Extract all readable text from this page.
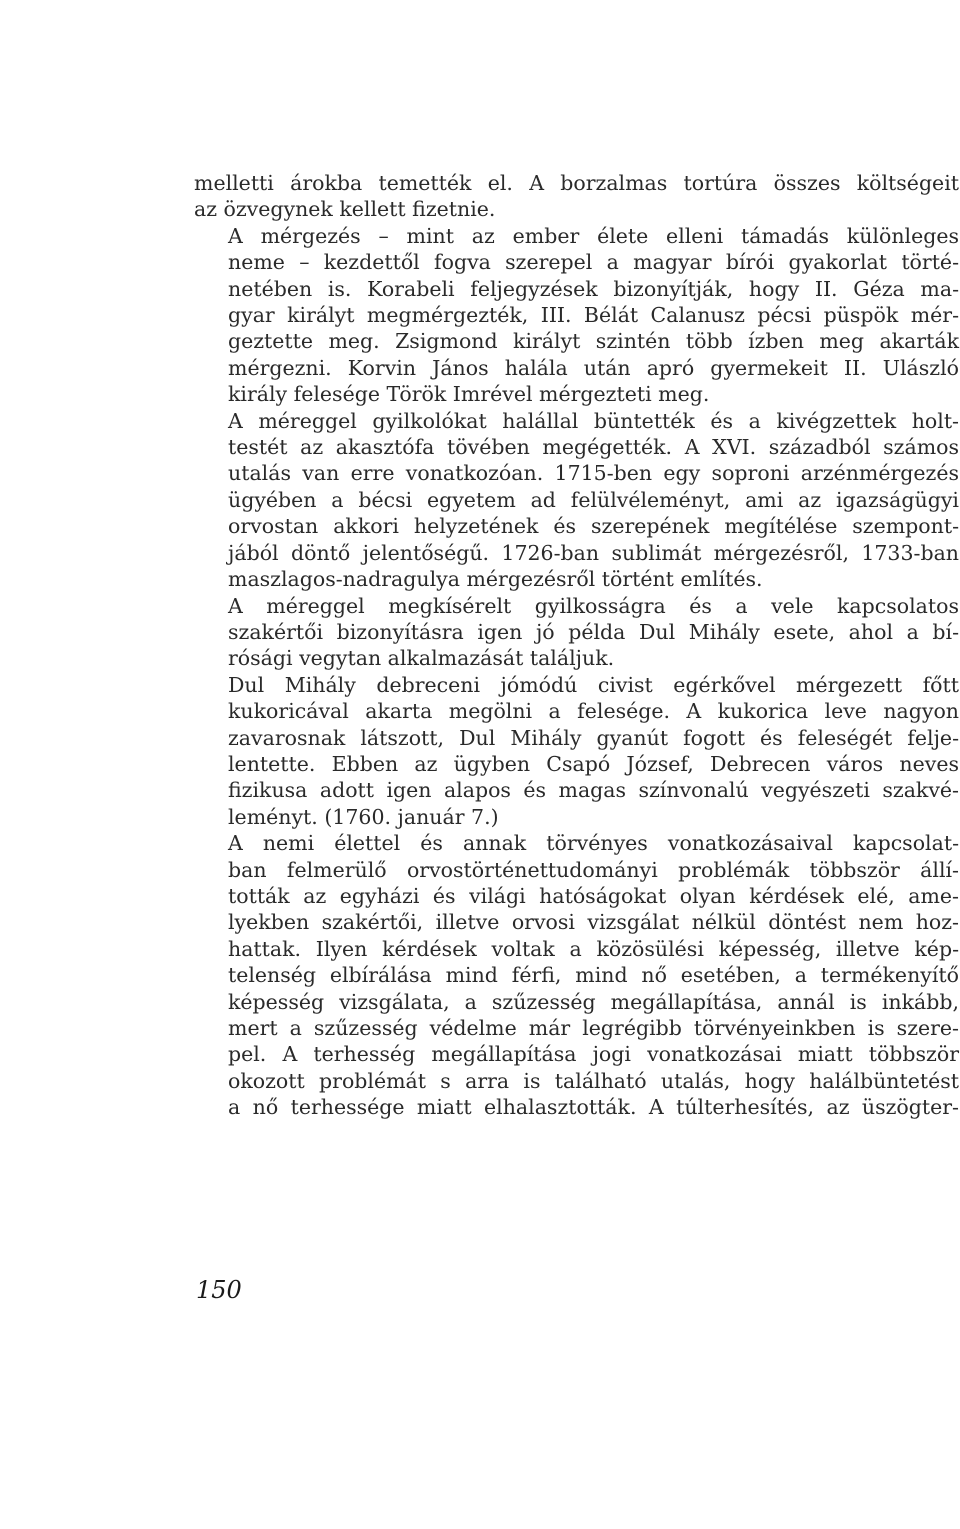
melletti árokba temették el. A borzalmas tortúra összes költségeit
az özvegynek kellett fizetnie.
A mérgezés – mint az ember élete elleni támadás különleges
neme – kezdettől fogva szerepel a magyar bírói gyakorlat törté-
netében is. Korabeli feljegyzések bizonyítják, hogy II. Géza ma-
gyar királyt megmérgezték, III. Bélát Calanusz pécsi püspök mér-
geztette meg. Zsigmond királyt szintén több ízben meg akarták
mérgezni. Korvin János halála után apró gyermekeit II. Ulászló
király felesége Török Imrével mérgezteti meg.
A méreggel gyilkolókat halállal büntették és a kivégzettek holt-
testét az akasztófa tövében megégették. A XVI. századból számos
utalás van erre vonatkozóan. 1715-ben egy soproni arzénmérgezés
ügyében a bécsi egyetem ad felülvéleményt, ami az igazságügyi
orvostan akkori helyzetének és szerepének megítélése szempont-
jából döntő jelentőségű. 1726-ban sublimát mérgezésről, 1733-ban
maszlagos-nadragulya mérgezésről történt említés.
A méreggel megkísérelt gyilkosságra és a vele kapcsolatos
szakértői bizonyításra igen jó példa Dul Mihály esete, ahol a bí-
rósági vegytan alkalmazását találjuk.
Dul Mihály debreceni jómódú civist egérkővel mérgezett főtt
kukoricával akarta megölni a felesége. A kukorica leve nagyon
zavarosnak látszott, Dul Mihály gyanút fogott és feleségét felje-
lentette. Ebben az ügyben Csapó József, Debrecen város neves
fizikusa adott igen alapos és magas színvonalú vegyészeti szakvé-
leményt. (1760. január 7.)
A nemi élettel és annak törvényes vonatkozásaival kapcsolat-
ban felmerülő orvostörténettudományi problémák többször állí-
tották az egyházi és világi hatóságokat olyan kérdések elé, ame-
lyekben szakértői, illetve orvosi vizsgálat nélkül döntést nem hoz-
hattak. Ilyen kérdések voltak a közösülési képesség, illetve kép-
telenség elbírálása mind férfi, mind nő esetében, a termékenyítő
képesség vizsgálata, a szűzesség megállapítása, annál is inkább,
mert a szűzesség védelme már legrégibb törvényeinkben is szere-
pel. A terhesség megállapítása jogi vonatkozásai miatt többször
okozott problémát s arra is található utalás, hogy halálbüntetést
a nő terhessége miatt elhalasztották. A túlterhesítés, az üszögter-
150
